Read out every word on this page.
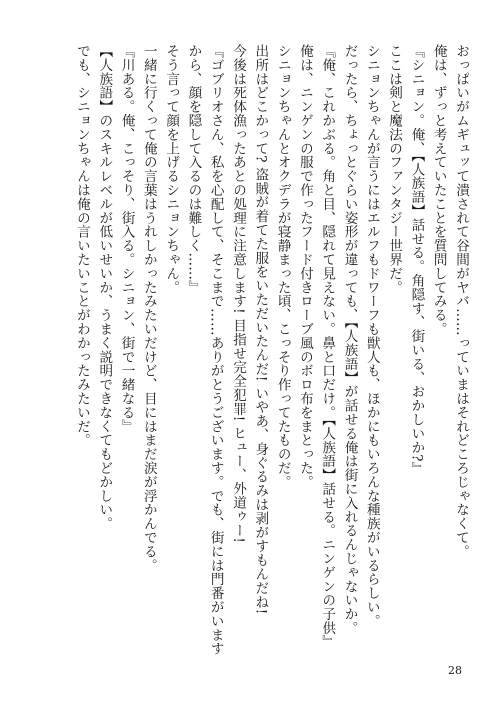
おっぱいがムギュッて潰されて谷間がヤバ……っていまはそれどころじゃなくて。

俺は、ずっと考えていたことを質問してみる。

『シニョン。俺、【人族語】話せる。角隠す、街いる、おかしいか?』

ここは剣と魔法のファンタジー世界だ。

シニョンちゃんが言うにはエルフもドワーフも獣人も、ほかにもいろんな種族がいるらしい。

だったら、ちょっとぐらい姿形が違っても、【人族語】が話せる俺は街に入れるんじゃないか。

『俺、これかぶる。角と目、隠れて見えない。鼻と口だけ。【人族語】話せる。ニンゲンの子供』

俺は、ニンゲンの服で作ったフード付きローブ風のボロ布をまとった。

シニョンちゃんとオクデラが寝静まった頃、こっそり作ってたものだ。

出所はどこかって? 盗賊が着てた服をいただいたんだ! いやあ、身ぐるみは剥がすもんだね!

今後は死体漁ったあとの処理に注意します! 目指せ完全犯罪! ヒュー、外道ゥー!

『ゴブリオさん、私を心配して、そこまで……ありがとうございます。でも、街には門番がいます

から、顔を隠して入るのは難しく……』

そう言って顔を上げるシニョンちゃん。

一緒に行くって俺の言葉はうれしかったみたいだけど、目にはまだ涙が浮かんでる。

『川ある。俺、こっそり、街入る。シニョン、街で一緒なる』

【人族語】のスキルレベルが低いせいか、うまく説明できなくてもどかしい。

でも、シニョンちゃんは俺の言いたいことがわかったみたいだ。

28
